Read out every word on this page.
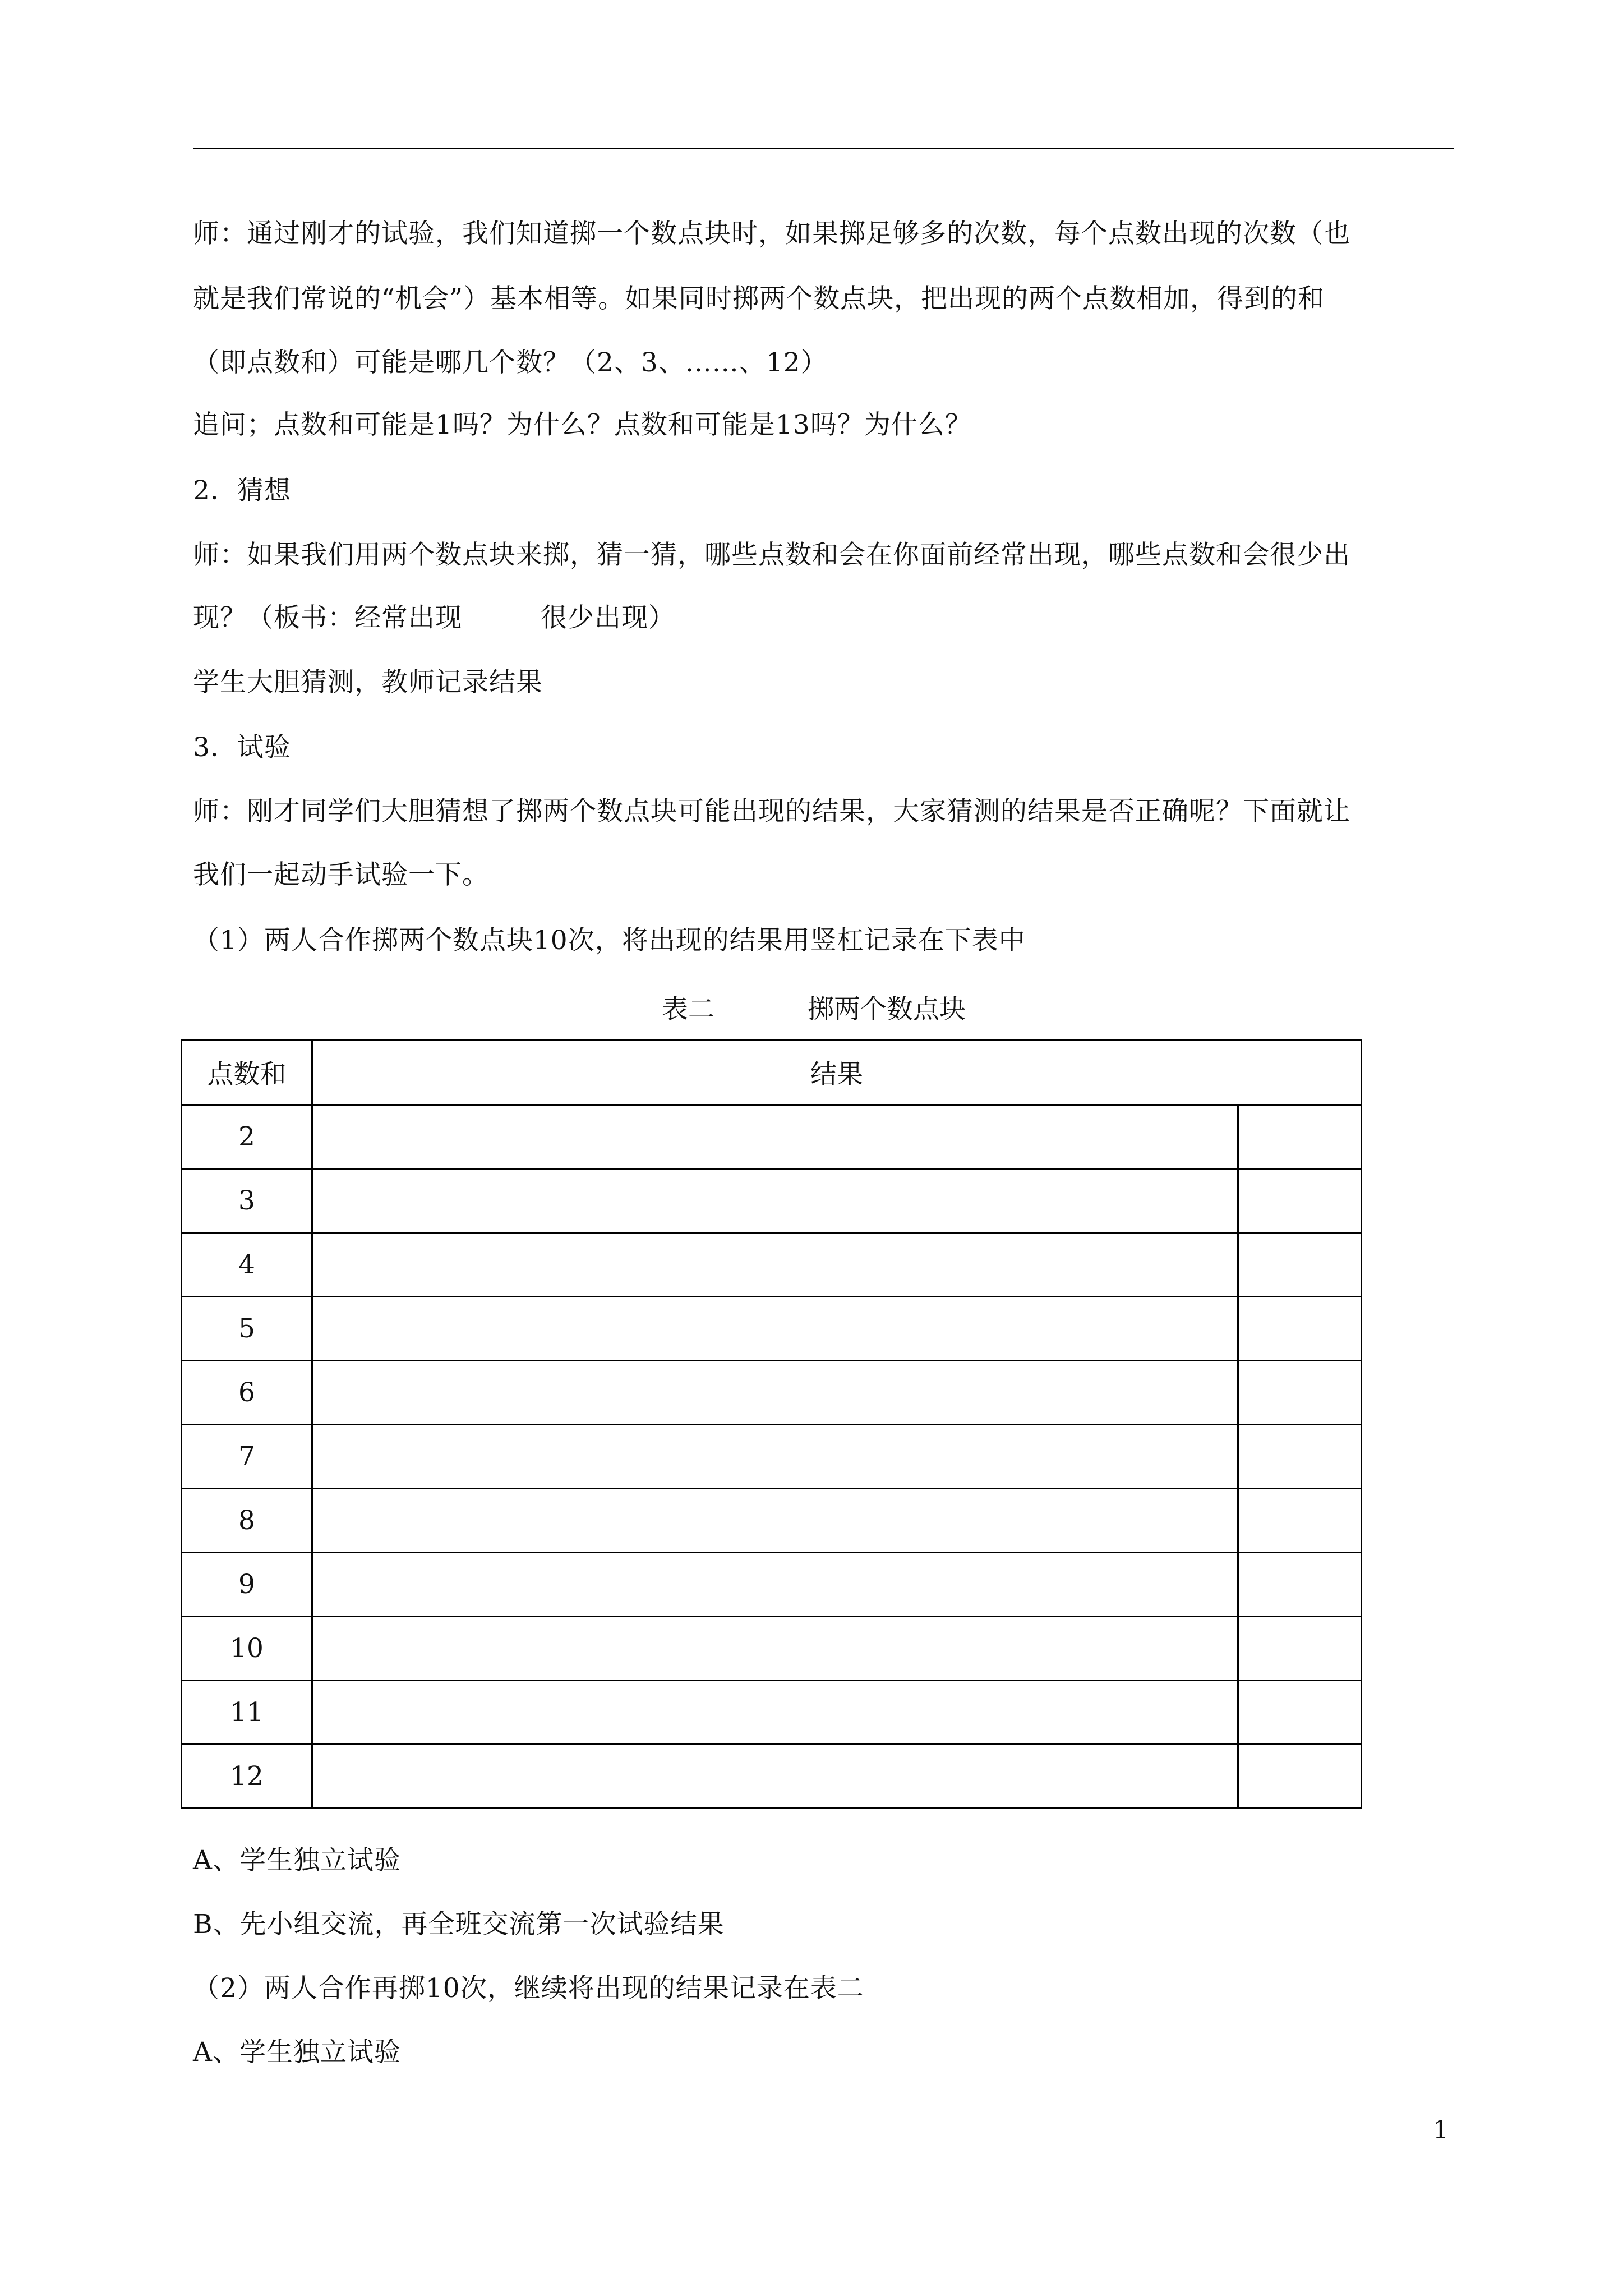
师：通过刚才的试验，我们知道掷一个数点块时，如果掷足够多的次数，每个点数出现的次数（也
就是我们常说的“机会”）基本相等。如果同时掷两个数点块，把出现的两个点数相加，得到的和
（即点数和）可能是哪几个数？（2、3、……、12）
追问；点数和可能是1吗？为什么？点数和可能是13吗？为什么？
2．猜想
师：如果我们用两个数点块来掷，猜一猜，哪些点数和会在你面前经常出现，哪些点数和会很少出
现？（板书：经常出现	很少出现）
学生大胆猜测，教师记录结果
3．试验
师：刚才同学们大胆猜想了掷两个数点块可能出现的结果，大家猜测的结果是否正确呢？下面就让
我们一起动手试验一下。
（1）两人合作掷两个数点块10次，将出现的结果用竖杠记录在下表中
表二	掷两个数点块
点数和	结果	
2		
3		
4		
5		
6		
7		
8		
9		
10		
11		
12		
A、学生独立试验
B、先小组交流，再全班交流第一次试验结果
（2）两人合作再掷10次，继续将出现的结果记录在表二
A、学生独立试验
1
